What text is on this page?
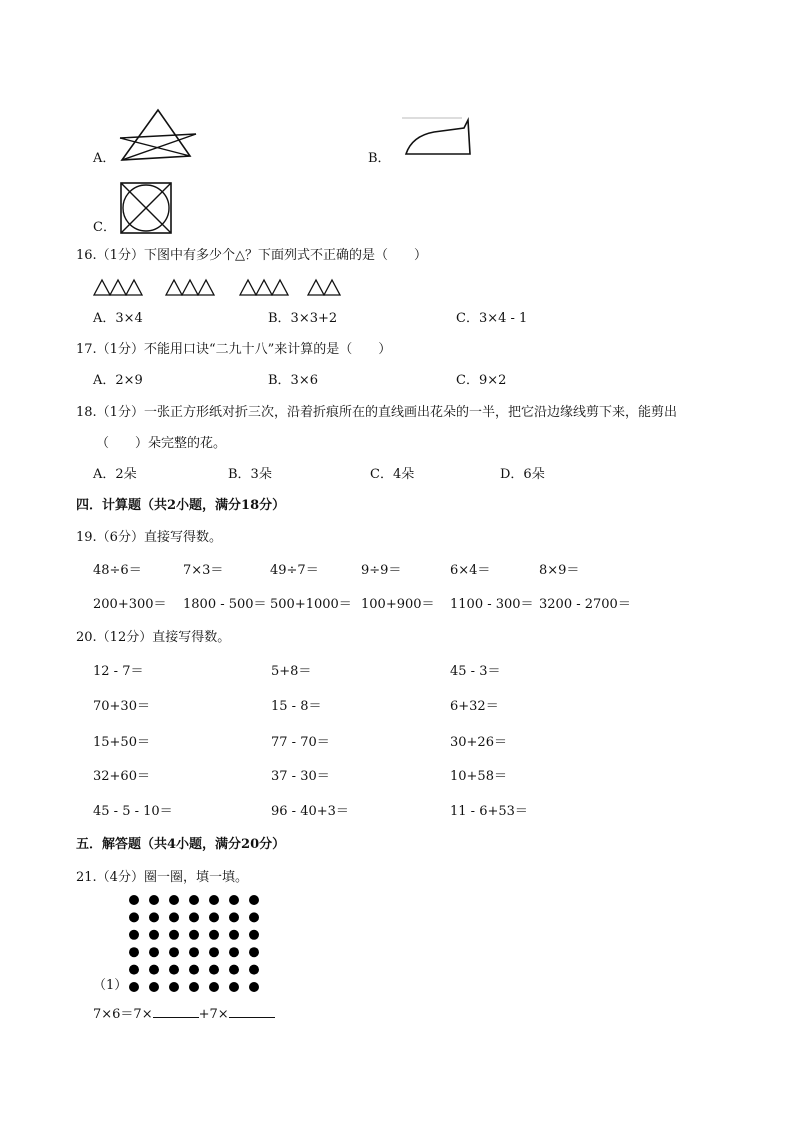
A．	B．
C．
16.（1分）下图中有多少个△？下面列式不正确的是（　　）
A．3×4	B．3×3+2	C．3×4 - 1
17.（1分）不能用口诀“二九十八”来计算的是（　　）
A．2×9	B．3×6	C．9×2
18.（1分）一张正方形纸对折三次，沿着折痕所在的直线画出花朵的一半，把它沿边缘线剪下来，能剪出
（　　）朵完整的花。
A．2朵	B．3朵	C．4朵	D．6朵
四．计算题（共2小题，满分18分）
19.（6分）直接写得数。
48÷6＝	7×3＝	49÷7＝	9÷9＝	6×4＝	8×9＝
200+300＝ 1800 - 500＝ 500+1000＝ 100+900＝ 1100 - 300＝ 3200 - 2700＝
20.（12分）直接写得数。
12 - 7＝	5+8＝	45 - 3＝
70+30＝	15 - 8＝	6+32＝
15+50＝	77 - 70＝	30+26＝
32+60＝	37 - 30＝	10+58＝
45 - 5 - 10＝	96 - 40+3＝	11 - 6+53＝
五．解答题（共4小题，满分20分）
21.（4分）圈一圈，填一填。
（1）
7×6＝7×	+7×
